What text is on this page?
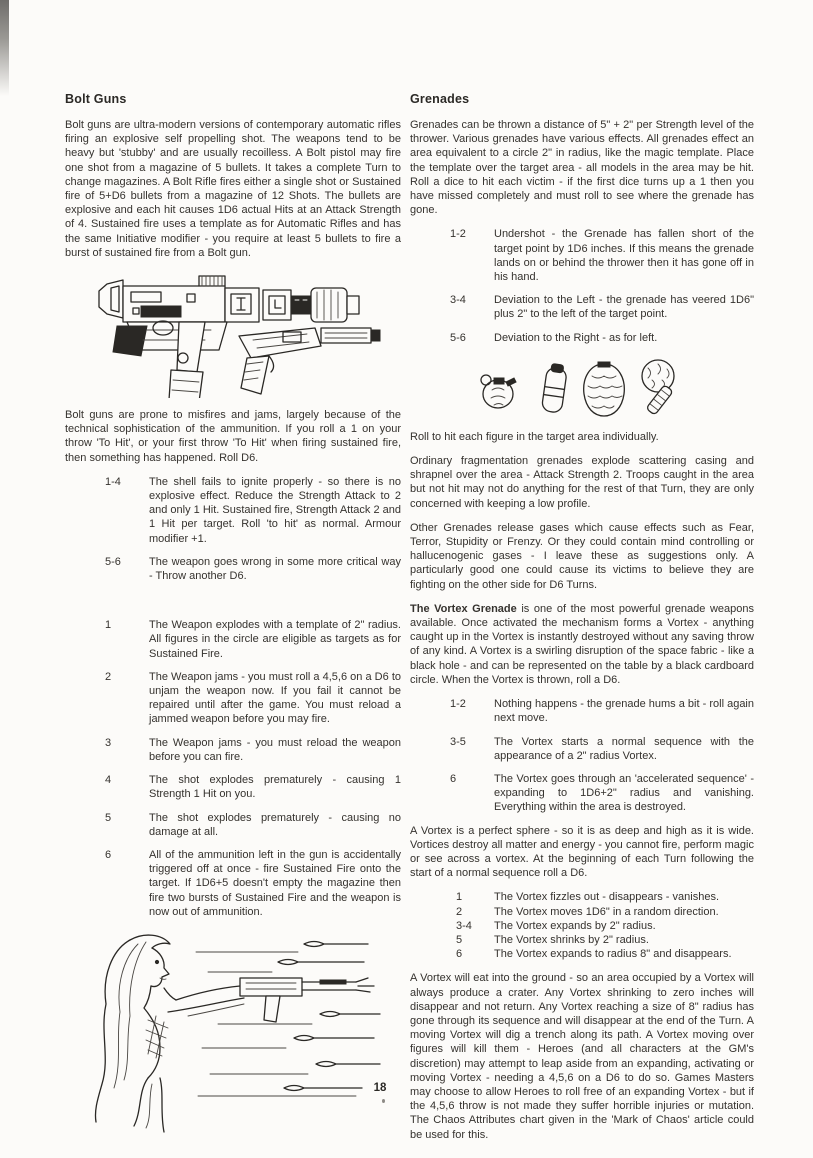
Bolt Guns

Bolt guns are ultra-modern versions of contemporary automatic rifles firing an explosive self propelling shot. The weapons tend to be heavy but 'stubby' and are usually recoilless. A Bolt pistol may fire one shot from a magazine of 5 bullets. It takes a complete Turn to change magazines. A Bolt Rifle fires either a single shot or Sustained fire of 5+D6 bullets from a magazine of 12 Shots. The bullets are explosive and each hit causes 1D6 actual Hits at an Attack Strength of 4. Sustained fire uses a template as for Automatic Rifles and has the same Initiative modifier - you require at least 5 bullets to fire a burst of sustained fire from a Bolt gun.

Bolt guns are prone to misfires and jams, largely because of the technical sophistication of the ammunition. If you roll a 1 on your throw 'To Hit', or your first throw 'To Hit' when firing sustained fire, then something has happened. Roll D6.

1-4	The shell fails to ignite properly - so there is no explosive effect. Reduce the Strength Attack to 2 and only 1 Hit. Sustained fire, Strength Attack 2 and 1 Hit per target. Roll 'to hit' as normal. Armour modifier +1.
5-6	The weapon goes wrong in some more critical way - Throw another D6.
1	The Weapon explodes with a template of 2" radius. All figures in the circle are eligible as targets as for Sustained Fire.
2	The Weapon jams - you must roll a 4,5,6 on a D6 to unjam the weapon now. If you fail it cannot be repaired until after the game. You must reload a jammed weapon before you may fire.
3	The Weapon jams - you must reload the weapon before you can fire.
4	The shot explodes prematurely - causing 1 Strength 1 Hit on you.
5	The shot explodes prematurely - causing no damage at all.
6	All of the ammunition left in the gun is accidentally triggered off at once - fire Sustained Fire onto the target. If 1D6+5 doesn't empty the magazine then fire two bursts of Sustained Fire and the weapon is now out of ammunition.
Grenades

Grenades can be thrown a distance of 5" + 2" per Strength level of the thrower. Various grenades have various effects. All grenades effect an area equivalent to a circle 2" in radius, like the magic template. Place the template over the target area - all models in the area may be hit. Roll a dice to hit each victim - if the first dice turns up a 1 then you have missed completely and must roll to see where the grenade has gone.

1-2	Undershot - the Grenade has fallen short of the target point by 1D6 inches. If this means the grenade lands on or behind the thrower then it has gone off in his hand.
3-4	Deviation to the Left - the grenade has veered 1D6" plus 2" to the left of the target point.
5-6	Deviation to the Right - as for left.

Roll to hit each figure in the target area individually.

Ordinary fragmentation grenades explode scattering casing and shrapnel over the area - Attack Strength 2. Troops caught in the area but not hit may not do anything for the rest of that Turn, they are only concerned with keeping a low profile.

Other Grenades release gases which cause effects such as Fear, Terror, Stupidity or Frenzy. Or they could contain mind controlling or hallucenogenic gases - I leave these as suggestions only. A particularly good one could cause its victims to believe they are fighting on the other side for D6 Turns.

The Vortex Grenade is one of the most powerful grenade weapons available. Once activated the mechanism forms a Vortex - anything caught up in the Vortex is instantly destroyed without any saving throw of any kind. A Vortex is a swirling disruption of the space fabric - like a black hole - and can be represented on the table by a black cardboard circle. When the Vortex is thrown, roll a D6.

1-2	Nothing happens - the grenade hums a bit - roll again next move.
3-5	The Vortex starts a normal sequence with the appearance of a 2" radius Vortex.
6	The Vortex goes through an 'accelerated sequence' - expanding to 1D6+2" radius and vanishing. Everything within the area is destroyed.

A Vortex is a perfect sphere - so it is as deep and high as it is wide. Vortices destroy all matter and energy - you cannot fire, perform magic or see across a vortex. At the beginning of each Turn following the start of a normal sequence roll a D6.

1	The Vortex fizzles out - disappears - vanishes.
2	The Vortex moves 1D6" in a random direction.
3-4	The Vortex expands by 2" radius.
5	The Vortex shrinks by 2" radius.
6	The Vortex expands to radius 8" and disappears.

A Vortex will eat into the ground - so an area occupied by a Vortex will always produce a crater. Any Vortex shrinking to zero inches will disappear and not return. Any Vortex reaching a size of 8" radius has gone through its sequence and will disappear at the end of the Turn. A moving Vortex will dig a trench along its path. A Vortex moving over figures will kill them - Heroes (and all characters at the GM's discretion) may attempt to leap aside from an expanding, activating or moving Vortex - needing a 4,5,6 on a D6 to do so. Games Masters may choose to allow Heroes to roll free of an expanding Vortex - but if the 4,5,6 throw is not made they suffer horrible injuries or mutation. The Chaos Attributes chart given in the 'Mark of Chaos' article could be used for this.

18
